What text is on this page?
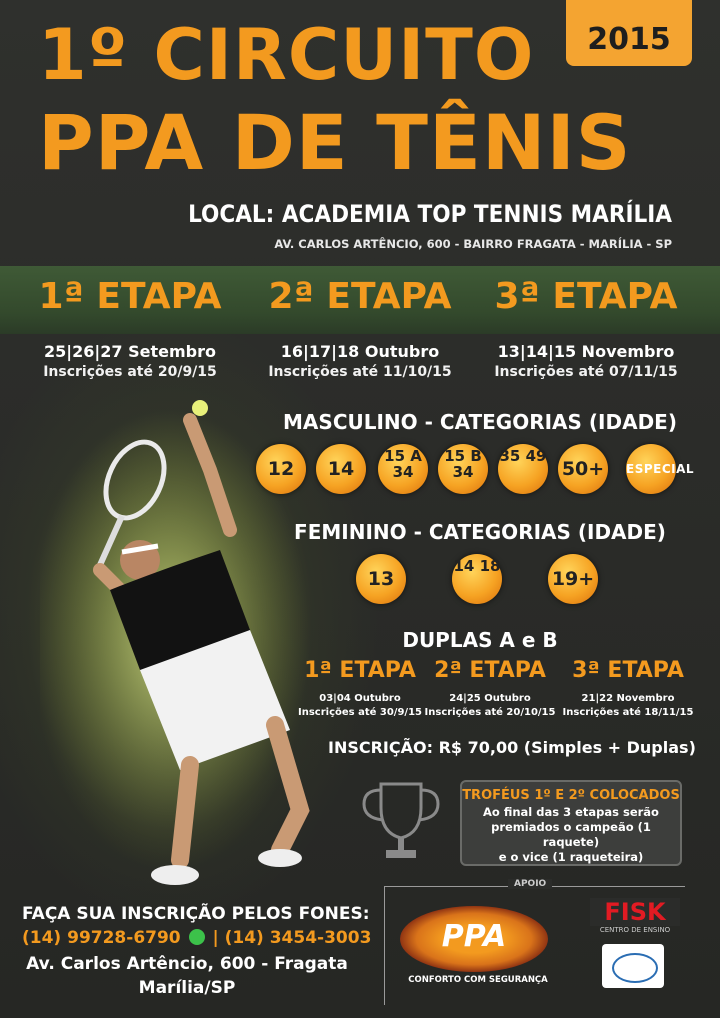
2015
1º CIRCUITO
PPA DE TÊNIS
LOCAL: ACADEMIA TOP TENNIS MARÍLIA
AV. CARLOS ARTÊNCIO, 600 - BAIRRO FRAGATA - MARÍLIA - SP
1ª ETAPA	2ª ETAPA	3ª ETAPA
25|26|27 Setembro
Inscrições até 20/9/15
16|17|18 Outubro
Inscrições até 11/10/15
13|14|15 Novembro
Inscrições até 07/11/15
MASCULINO - CATEGORIAS (IDADE)
12	14
15 A 34
15 B 34
35 49
50+	ESPECIAL
FEMININO - CATEGORIAS (IDADE)
13
14 18
19+
DUPLAS A e B
1ª ETAPA 2ª ETAPA	3ª ETAPA
03|04 Outubro
Inscrições até 30/9/15
24|25 Outubro
Inscrições até 20/10/15
21|22 Novembro
Inscrições até 18/11/15
INSCRIÇÃO: R$ 70,00 (Simples + Duplas)
TROFÉUS 1º E 2º COLOCADOS
Ao final das 3 etapas serão
premiados o campeão (1 raquete)
e o vice (1 raqueteira)
FAÇA SUA INSCRIÇÃO PELOS FONES:
(14) 99728-6790 | (14) 3454-3003
Av. Carlos Artêncio, 600 - Fragata
Marília/SP
APOIO
PPA
CONFORTO COM SEGURANÇA
FISK
CENTRO DE ENSINO
